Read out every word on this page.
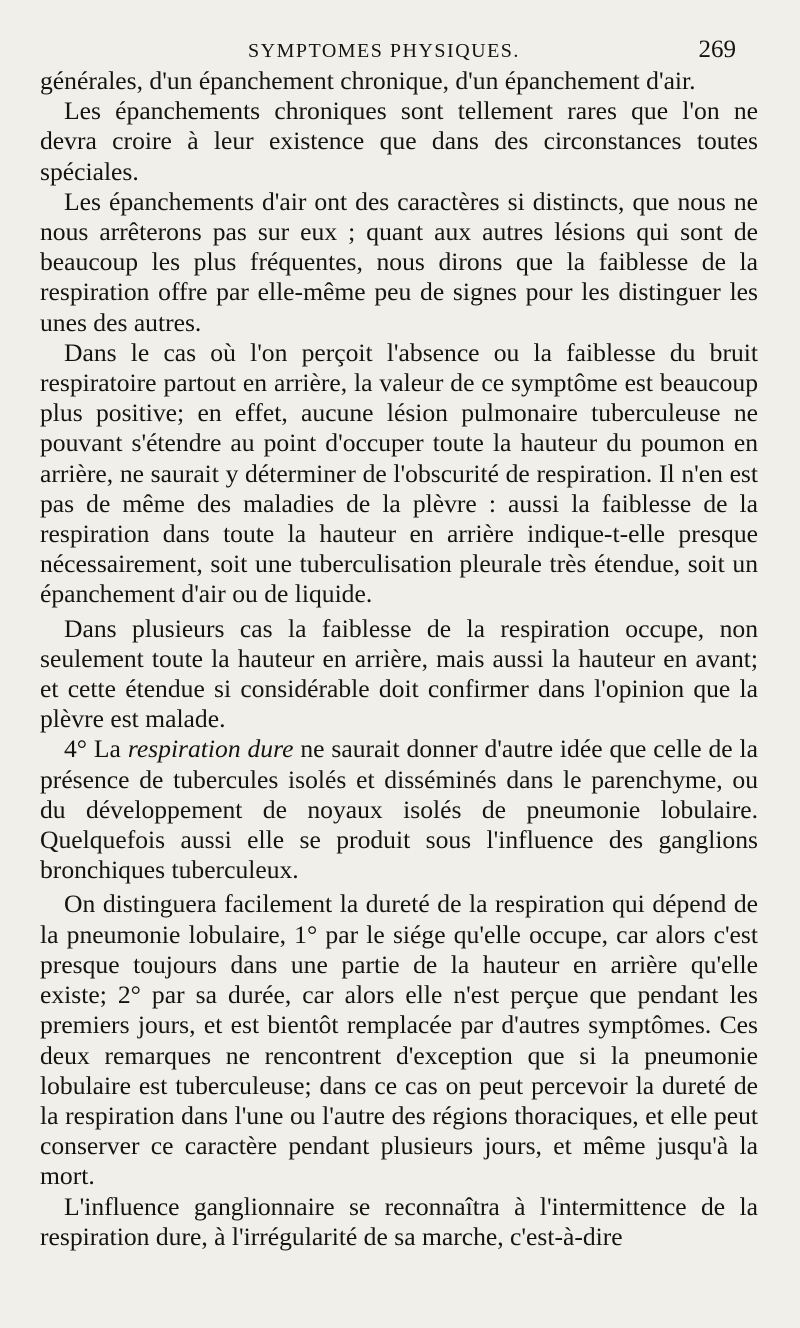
SYMPTOMES PHYSIQUES.	269

générales, d'un épanchement chronique, d'un épanchement d'air.

Les épanchements chroniques sont tellement rares que l'on ne devra croire à leur existence que dans des circonstances toutes spéciales.

Les épanchements d'air ont des caractères si distincts, que nous ne nous arrêterons pas sur eux ; quant aux autres lésions qui sont de beaucoup les plus fréquentes, nous dirons que la faiblesse de la respiration offre par elle-même peu de signes pour les distinguer les unes des autres.

Dans le cas où l'on perçoit l'absence ou la faiblesse du bruit respiratoire partout en arrière, la valeur de ce symptôme est beaucoup plus positive; en effet, aucune lésion pulmonaire tuberculeuse ne pouvant s'étendre au point d'occuper toute la hauteur du poumon en arrière, ne saurait y déterminer de l'obscurité de respiration. Il n'en est pas de même des maladies de la plèvre : aussi la faiblesse de la respiration dans toute la hauteur en arrière indique-t-elle presque nécessairement, soit une tuberculisation pleurale très étendue, soit un épanchement d'air ou de liquide.

Dans plusieurs cas la faiblesse de la respiration occupe, non seulement toute la hauteur en arrière, mais aussi la hauteur en avant; et cette étendue si considérable doit confirmer dans l'opinion que la plèvre est malade.

4° La respiration dure ne saurait donner d'autre idée que celle de la présence de tubercules isolés et disséminés dans le parenchyme, ou du développement de noyaux isolés de pneumonie lobulaire. Quelquefois aussi elle se produit sous l'influence des ganglions bronchiques tuberculeux.

On distinguera facilement la dureté de la respiration qui dépend de la pneumonie lobulaire, 1° par le siége qu'elle occupe, car alors c'est presque toujours dans une partie de la hauteur en arrière qu'elle existe; 2° par sa durée, car alors elle n'est perçue que pendant les premiers jours, et est bientôt remplacée par d'autres symptômes. Ces deux remarques ne rencontrent d'exception que si la pneumonie lobulaire est tuberculeuse; dans ce cas on peut percevoir la dureté de la respiration dans l'une ou l'autre des régions thoraciques, et elle peut conserver ce caractère pendant plusieurs jours, et même jusqu'à la mort.

L'influence ganglionnaire se reconnaîtra à l'intermittence de la respiration dure, à l'irrégularité de sa marche, c'est-à-dire
